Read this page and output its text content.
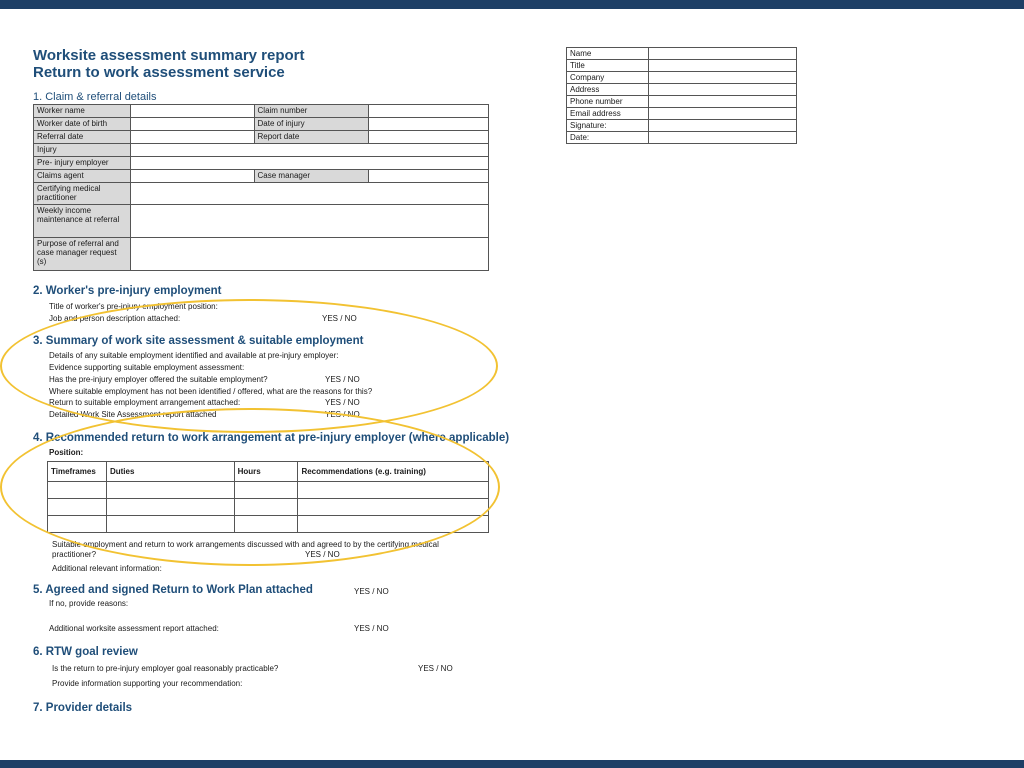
Worksite assessment summary report
Return to work assessment service
1. Claim & referral details
Worker name		Claim number	
Worker date of birth		Date of injury	
Referral date		Report date	
Injury			
Pre- injury employer			
Claims agent		Case manager	
Certifying medical practitioner			
Weekly income maintenance at referral			
Purpose of referral and case manager request (s)			
Name	
Title	
Company	
Address	
Phone number	
Email address	
Signature:	
Date:	
2. Worker's pre-injury employment
Title of worker's pre-injury employment position:
Job and person description attached:	YES / NO
3. Summary of work site assessment & suitable employment
Details of any suitable employment identified and available at pre-injury employer:
Evidence supporting suitable employment assessment:
Has the pre-injury employer offered the suitable employment?	YES / NO
Where suitable employment has not been identified / offered, what are the reasons for this?
Return to suitable employment arrangement attached:	YES / NO
Detailed Work Site Assessment report attached	YES / NO
4. Recommended return to work arrangement at pre-injury employer (where applicable)
Position:
Timeframes	Duties	Hours	Recommendations (e.g. training)

Suitable employment and return to work arrangements discussed with and agreed to by the certifying medical
practitioner?	YES / NO
Additional relevant information:
5. Agreed and signed Return to Work Plan attached	YES / NO
If no, provide reasons:
Additional worksite assessment report attached:	YES / NO
6. RTW goal review
Is the return to pre-injury employer goal reasonably practicable?	YES / NO
Provide information supporting your recommendation:
7. Provider details
